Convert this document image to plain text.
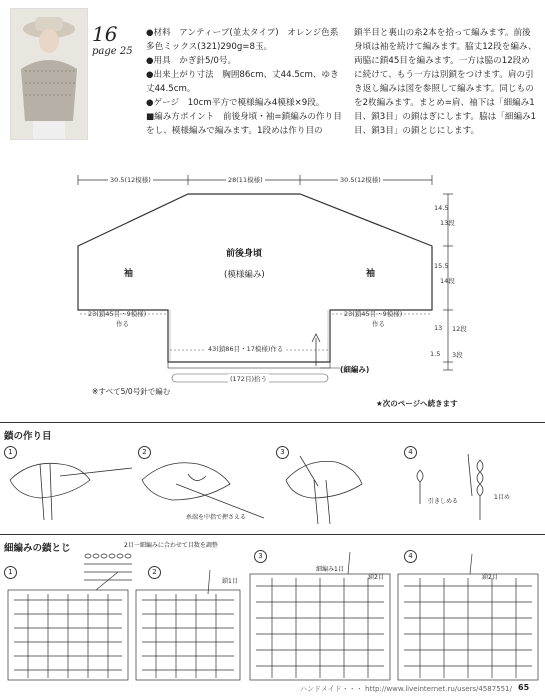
16
page 25
●材料　アンティーブ(並太タイプ)　オレンジ色系多色ミックス(321)290g=8玉。
●用具　かぎ針5/0号。
●出来上がり寸法　胸囲86cm、丈44.5cm、ゆき丈44.5cm。
●ゲージ　10cm平方で模様編み4模様×9段。
■編み方ポイント　前後身頃・袖=鎖編みの作り目をし、模様編みで編みます。1段めは作り目の
鎖半目と裏山の糸2本を拾って編みます。前後身頃は袖を続けて編みます。脇丈12段を編み、両脇に鎖45目を編みます。一方は脇の12段めに続けて、もう一方は別鎖をつけます。肩の引き返し編みは図を参照して編みます。同じものを2枚編みます。まとめ=肩、袖下は「細編み1目、鎖3目」の鎖はぎにします。脇は「細編み1目、鎖3目」の鎖とじにします。
30.5(12模様)	28(11模様)	30.5(12模様)
14.5
13段
15.5
14段
13 12段
1.5 3段
前後身頃
(模様編み)
袖	袖
23(鎖45目・9模様)
作る
23(鎖45目・9模様)
作る
43(鎖86目・17模様)作る
(172目)拾う
(細編み)
※すべて5/0号針で編む
★次のページへ続きます
鎖の作り目
1	2	3	4
糸端を中指で押さえる
引きしめる
1目め
細編みの鎖とじ	2目一細編みに合わせて目数を調整
1	2
3	4
鎖1目
細編み1目
鎖2目	鎖2目
ハンドメイド・・・ http://www.liveinternet.ru/users/4587551/ 65
